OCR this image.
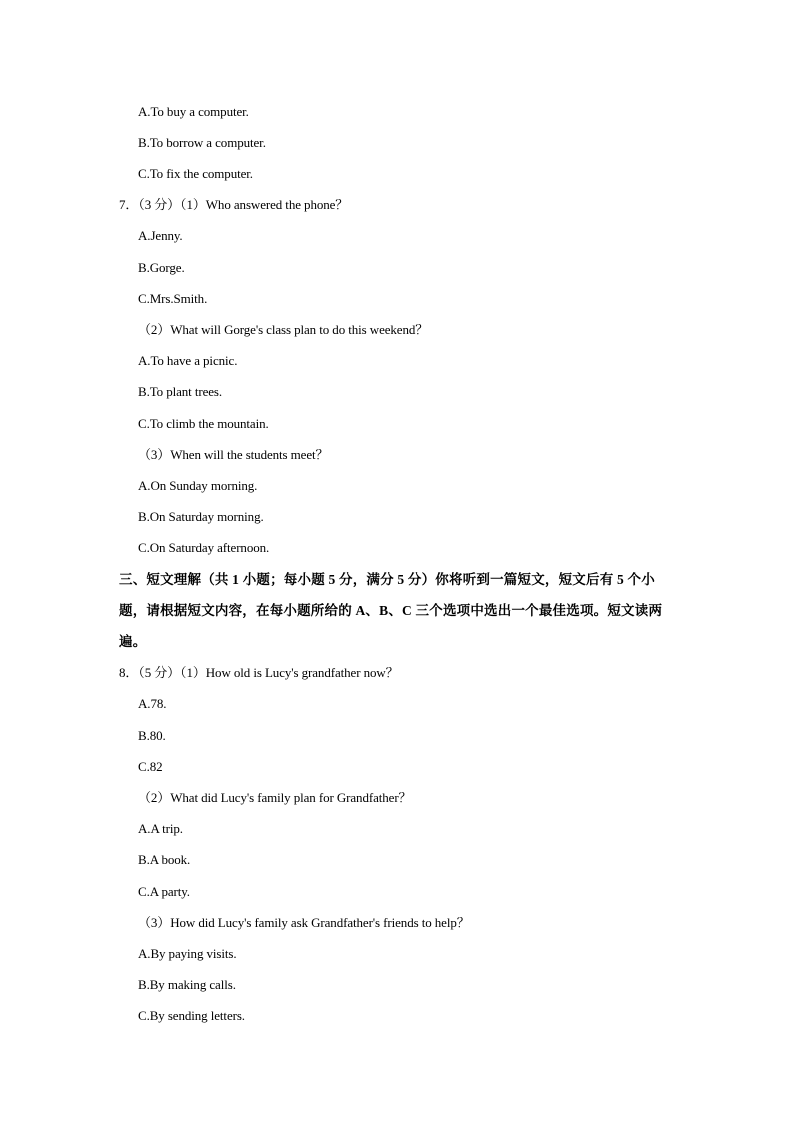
A.To buy a computer.
B.To borrow a computer.
C.To fix the computer.
7．（3 分）（1）Who answered the phone？
A.Jenny.
B.Gorge.
C.Mrs.Smith.
（2）What will Gorge's class plan to do this weekend？
A.To have a picnic.
B.To plant trees.
C.To climb the mountain.
（3）When will the students meet？
A.On Sunday morning.
B.On Saturday morning.
C.On Saturday afternoon.
三、短文理解（共 1 小题；每小题 5 分，满分 5 分）你将听到一篇短文，短文后有 5 个小
题，请根据短文内容，在每小题所给的 A、B、C 三个选项中选出一个最佳选项。短文读两
遍。
8．（5 分）（1）How old is Lucy's grandfather now？
A.78.
B.80.
C.82
（2）What did Lucy's family plan for Grandfather？
A.A trip.
B.A book.
C.A party.
（3）How did Lucy's family ask Grandfather's friends to help？
A.By paying visits.
B.By making calls.
C.By sending letters.
